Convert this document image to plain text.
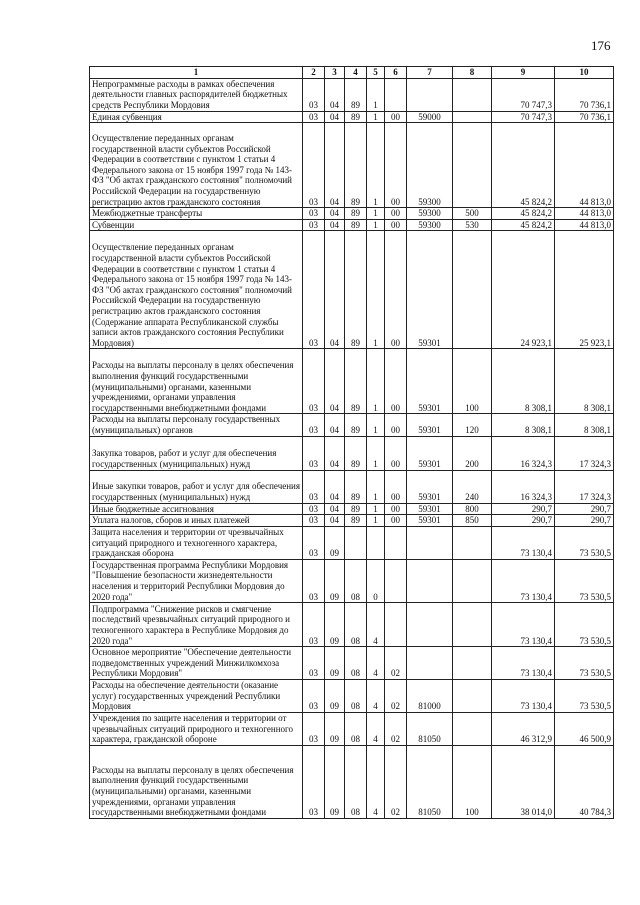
176
1	2	3	4	5	6	7	8	9	10
Непрограммные расходы в рамках обеспечения деятельности главных распорядителей бюджетных средств Республики Мордовия	03	04	89	1				70 747,3	70 736,1
Единая субвенция	03	04	89	1	00	59000		70 747,3	70 736,1
Осуществление переданных органам государственной власти субъектов Российской Федерации в соответствии с пунктом 1 статьи 4 Федерального закона от 15 ноября 1997 года № 143-ФЗ "Об актах гражданского состояния" полномочий Российской Федерации на государственную регистрацию актов гражданского состояния	03	04	89	1	00	59300		45 824,2	44 813,0
Межбюджетные трансферты	03	04	89	1	00	59300	500	45 824,2	44 813,0
Субвенции	03	04	89	1	00	59300	530	45 824,2	44 813,0
Осуществление переданных органам государственной власти субъектов Российской Федерации в соответствии с пунктом 1 статьи 4 Федерального закона от 15 ноября 1997 года № 143-ФЗ "Об актах гражданского состояния" полномочий Российской Федерации на государственную регистрацию актов гражданского состояния (Содержание аппарата Республиканской службы записи актов гражданского состояния Республики Мордовия)	03	04	89	1	00	59301		24 923,1	25 923,1
Расходы на выплаты персоналу в целях обеспечения выполнения функций государственными (муниципальными) органами, казенными учреждениями, органами управления государственными внебюджетными фондами	03	04	89	1	00	59301	100	8 308,1	8 308,1
Расходы на выплаты персоналу государственных (муниципальных) органов	03	04	89	1	00	59301	120	8 308,1	8 308,1
Закупка товаров, работ и услуг для обеспечения государственных (муниципальных) нужд	03	04	89	1	00	59301	200	16 324,3	17 324,3
Иные закупки товаров, работ и услуг для обеспечения государственных (муниципальных) нужд	03	04	89	1	00	59301	240	16 324,3	17 324,3
Иные бюджетные ассигнования	03	04	89	1	00	59301	800	290,7	290,7
Уплата налогов, сборов и иных платежей	03	04	89	1	00	59301	850	290,7	290,7
Защита населения и территории от чрезвычайных ситуаций природного и техногенного характера, гражданская оборона	03	09						73 130,4	73 530,5
Государственная программа Республики Мордовия "Повышение безопасности жизнедеятельности населения и территорий Республики Мордовия до 2020 года"	03	09	08	0				73 130,4	73 530,5
Подпрограмма "Снижение рисков и смягчение последствий чрезвычайных ситуаций природного и техногенного характера в Республике Мордовия до 2020 года"	03	09	08	4				73 130,4	73 530,5
Основное мероприятие "Обеспечение деятельности подведомственных учреждений Минжилкомхоза Республики Мордовия"	03	09	08	4	02			73 130,4	73 530,5
Расходы на обеспечение деятельности (оказание услуг) государственных учреждений Республики Мордовия	03	09	08	4	02	81000		73 130,4	73 530,5
Учреждения по защите населения и территории от чрезвычайных ситуаций природного и техногенного характера, гражданской обороне	03	09	08	4	02	81050		46 312,9	46 500,9
Расходы на выплаты персоналу в целях обеспечения выполнения функций государственными (муниципальными) органами, казенными учреждениями, органами управления государственными внебюджетными фондами	03	09	08	4	02	81050	100	38 014,0	40 784,3
